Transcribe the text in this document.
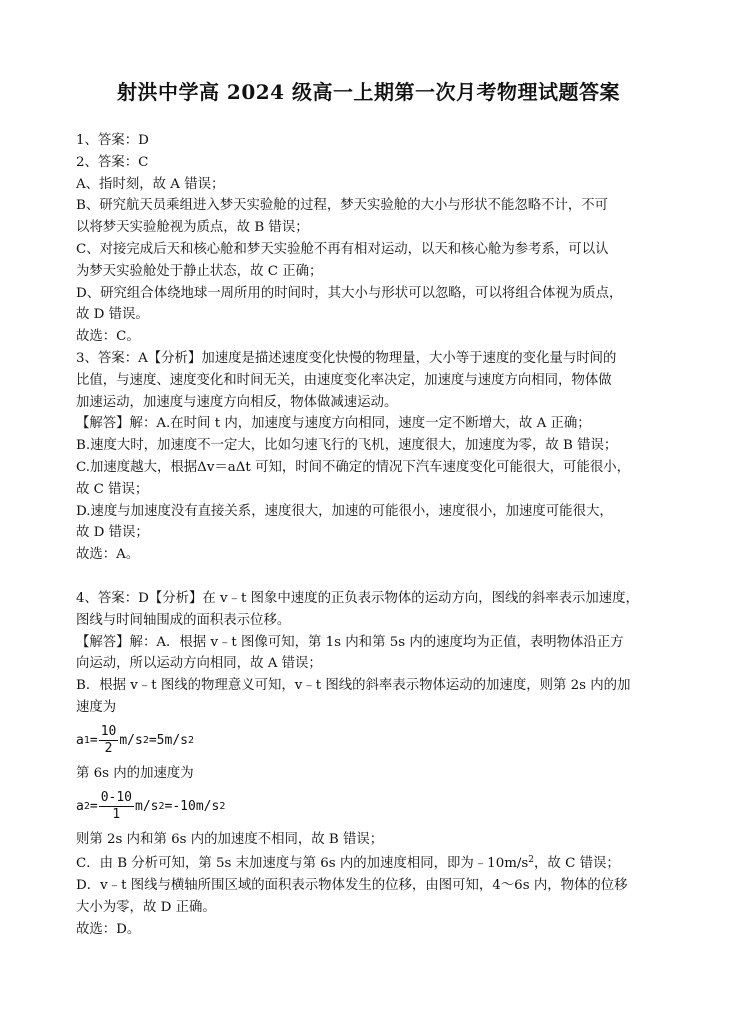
射洪中学高 2024 级高一上期第一次月考物理试题答案
1、答案：D
2、答案：C
A、指时刻，故 A 错误；
B、研究航天员乘组进入梦天实验舱的过程，梦天实验舱的大小与形状不能忽略不计，不可
以将梦天实验舱视为质点，故 B 错误；
C、对接完成后天和核心舱和梦天实验舱不再有相对运动，以天和核心舱为参考系，可以认
为梦天实验舱处于静止状态，故 C 正确；
D、研究组合体绕地球一周所用的时间时，其大小与形状可以忽略，可以将组合体视为质点，
故 D 错误。
故选：C。
3、答案：A【分析】加速度是描述速度变化快慢的物理量，大小等于速度的变化量与时间的
比值，与速度、速度变化和时间无关，由速度变化率决定，加速度与速度方向相同，物体做
加速运动，加速度与速度方向相反，物体做减速运动。
【解答】解：A.在时间 t 内，加速度与速度方向相同，速度一定不断增大，故 A 正确；
B.速度大时，加速度不一定大，比如匀速飞行的飞机，速度很大，加速度为零，故 B 错误；
C.加速度越大，根据Δv＝aΔt 可知，时间不确定的情况下汽车速度变化可能很大，可能很小，
故 C 错误；
D.速度与加速度没有直接关系，速度很大，加速的可能很小，速度很小，加速度可能很大，
故 D 错误；
故选：A。
4、答案：D【分析】在 v﹣t 图象中速度的正负表示物体的运动方向，图线的斜率表示加速度，
图线与时间轴围成的面积表示位移。
【解答】解：A．根据 v﹣t 图像可知，第 1s 内和第 5s 内的速度均为正值，表明物体沿正方
向运动，所以运动方向相同，故 A 错误；
B．根据 v﹣t 图线的物理意义可知，v﹣t 图线的斜率表示物体运动的加速度，则第 2s 内的加
速度为
a $1 = \frac{10}{2} m/s$ 2 =5m/s 2
第 6s 内的加速度为
a $2 = \frac{0-10}{1} m/s$ 2 =-10m/s 2
则第 2s 内和第 6s 内的加速度不相同，故 B 错误；
C．由 B 分析可知，第 5s 末加速度与第 6s 内的加速度相同，即为$﹣10m/s^2$，故 C 错误；
D．v﹣t 图线与横轴所围区域的面积表示物体发生的位移，由图可知，4～6s 内，物体的位移
大小为零，故 D 正确。
故选：D。
